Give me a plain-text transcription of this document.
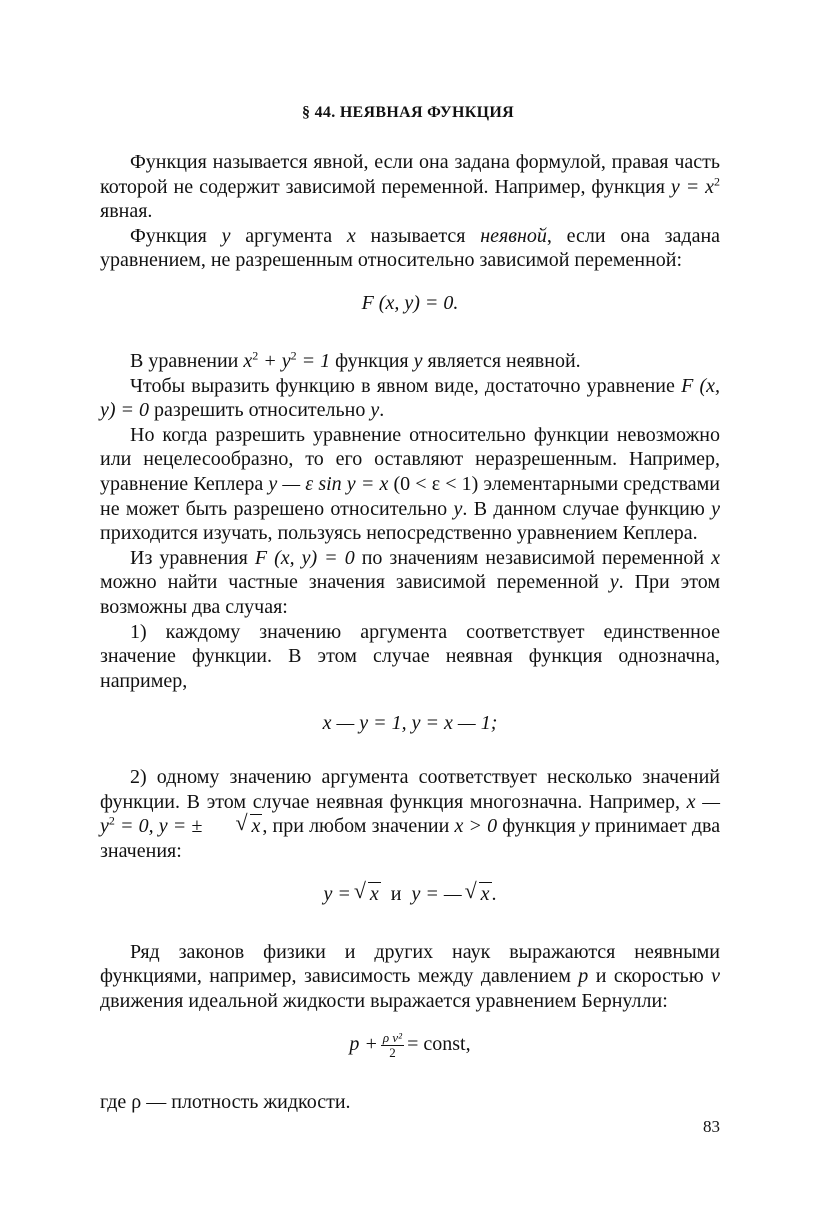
§ 44. НЕЯВНАЯ ФУНКЦИЯ

Функция называется явной, если она задана формулой, правая часть которой не содержит зависимой переменной. Например, функция $y = x^2$ явная.

Функция y аргумента x называется неявной, если она задана уравнением, не разрешенным относительно зависимой переменной:

F (x, y) = 0.

В уравнении $x^2 + y^2 = 1$ функция y является неявной.

Чтобы выразить функцию в явном виде, достаточно уравнение F (x, y) = 0 разрешить относительно y.

Но когда разрешить уравнение относительно функции невозможно или нецелесообразно, то его оставляют неразрешенным. Например, уравнение Кеплера y — ε sin y = x (0 < ε < 1) элементарными средствами не может быть разрешено относительно y. В данном случае функцию y приходится изучать, пользуясь непосредственно уравнением Кеплера.

Из уравнения F (x, y) = 0 по значениям независимой переменной x можно найти частные значения зависимой переменной y. При этом возможны два случая:

1) каждому значению аргумента соответствует единственное значение функции. В этом случае неявная функция однозначна, например,

x — y = 1, y = x — 1;

2) одному значению аргумента соответствует несколько значений функции. В этом случае неявная функция многозначна. Например, x — $y^2 = 0$, y = ± √ x , при любом значении x > 0 функция y принимает два значения:

y = √ x и y = — √ x .

Ряд законов физики и других наук выражаются неявными функциями, например, зависимость между давлением p и скоростью v движения идеальной жидкости выражается уравнением Бернулли:

$p + \frac{\text{ρ v²}}{2}$ = const,

где ρ — плотность жидкости.

83
